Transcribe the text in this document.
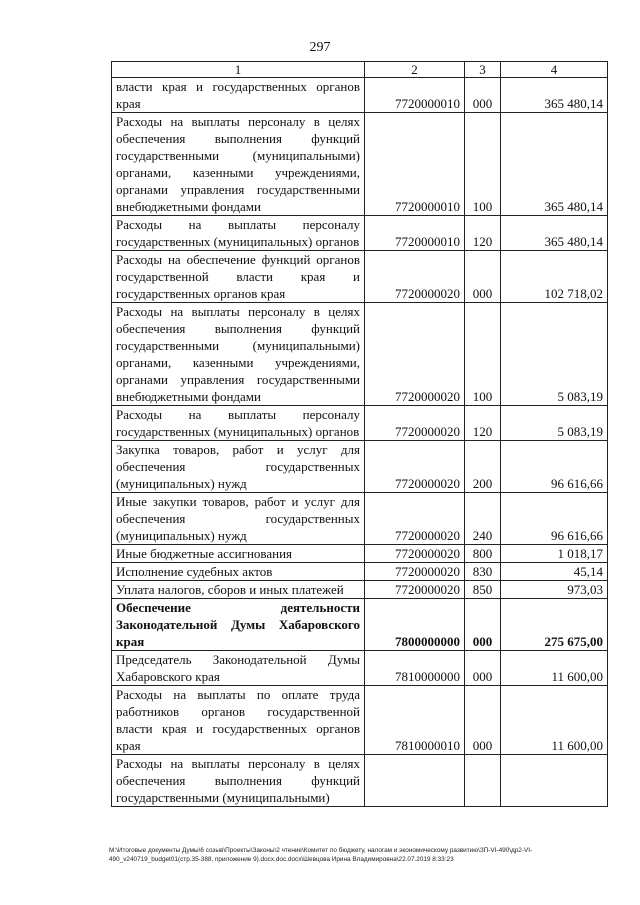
297
1	2	3	4
власти края и государственных органов края	7720000010	000	365 480,14
Расходы на выплаты персоналу в целях обеспечения выполнения функций государственными (муниципальными) органами, казенными учреждениями, органами управления государственными внебюджетными фондами	7720000010	100	365 480,14
Расходы на выплаты персоналу государственных (муниципальных) органов	7720000010	120	365 480,14
Расходы на обеспечение функций органов государственной власти края и государственных органов края	7720000020	000	102 718,02
Расходы на выплаты персоналу в целях обеспечения выполнения функций государственными (муниципальными) органами, казенными учреждениями, органами управления государственными внебюджетными фондами	7720000020	100	5 083,19
Расходы на выплаты персоналу государственных (муниципальных) органов	7720000020	120	5 083,19
Закупка товаров, работ и услуг для обеспечения государственных (муниципальных) нужд	7720000020	200	96 616,66
Иные закупки товаров, работ и услуг для обеспечения государственных (муниципальных) нужд	7720000020	240	96 616,66
Иные бюджетные ассигнования	7720000020	800	1 018,17
Исполнение судебных актов	7720000020	830	45,14
Уплата налогов, сборов и иных платежей	7720000020	850	973,03
Обеспечение деятельности Законодательной Думы Хабаровского края	7800000000	000	275 675,00
Председатель Законодательной Думы Хабаровского края	7810000000	000	11 600,00
Расходы на выплаты по оплате труда работников органов государственной власти края и государственных органов края	7810000010	000	11 600,00
Расходы на выплаты персоналу в целях обеспечения выполнения функций государственными (муниципальными)			
M:\Итоговые документы Думы\6 созыв\Проекты\Законы\2 чтение\Комитет по бюджету, налогам и экономическому развитию\ЗП-VI-490\др2-VI-490_v240719_budget01(стр.35-388, приложение 9).docx.doc.docx\Шевцова Ирина Владимировна\22.07.2019 8:33:23
